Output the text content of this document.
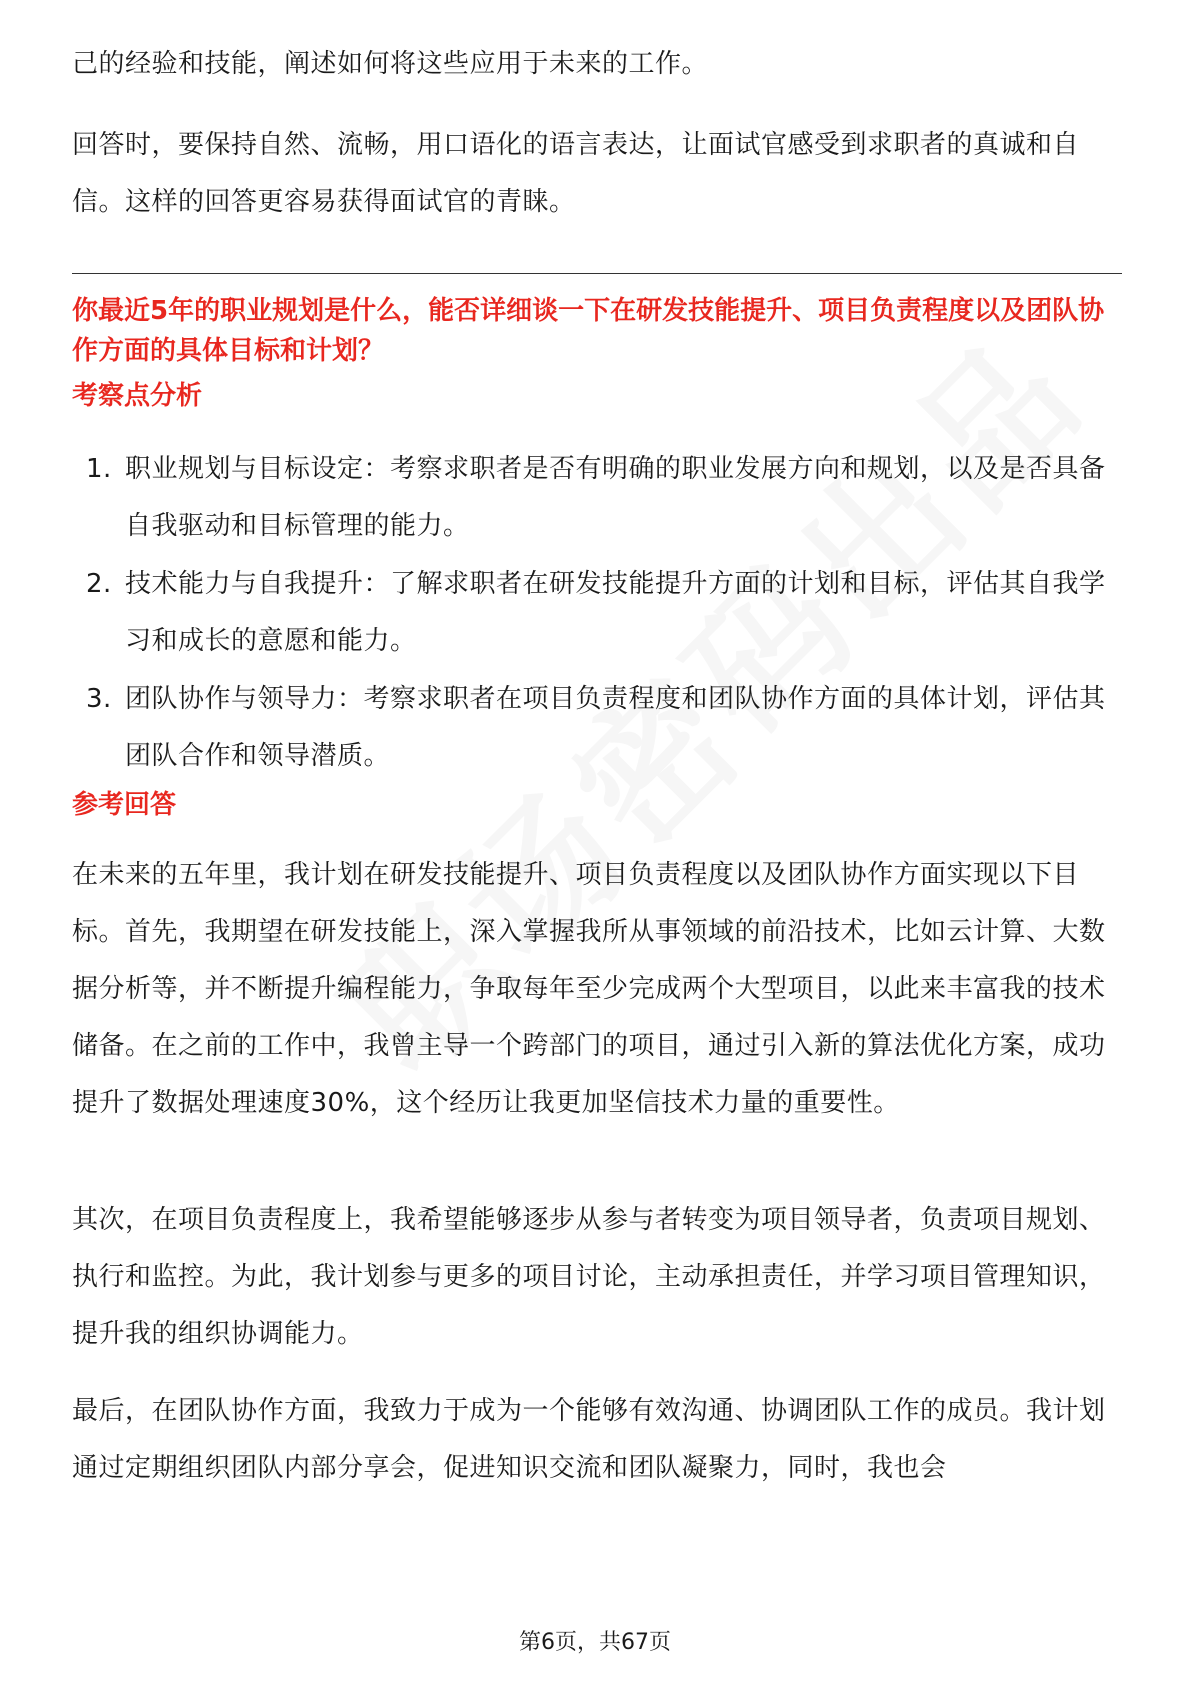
己的经验和技能，阐述如何将这些应用于未来的工作。

回答时，要保持自然、流畅，用口语化的语言表达，让面试官感受到求职者的真诚和自信。这样的回答更容易获得面试官的青睐。

你最近5年的职业规划是什么，能否详细谈一下在研发技能提升、项目负责程度以及团队协作方面的具体目标和计划？

考察点分析

1. 职业规划与目标设定：考察求职者是否有明确的职业发展方向和规划，以及是否具备自我驱动和目标管理的能力。
2. 技术能力与自我提升：了解求职者在研发技能提升方面的计划和目标，评估其自我学习和成长的意愿和能力。
3. 团队协作与领导力：考察求职者在项目负责程度和团队协作方面的具体计划，评估其团队合作和领导潜质。

参考回答

在未来的五年里，我计划在研发技能提升、项目负责程度以及团队协作方面实现以下目标。首先，我期望在研发技能上，深入掌握我所从事领域的前沿技术，比如云计算、大数据分析等，并不断提升编程能力，争取每年至少完成两个大型项目，以此来丰富我的技术储备。在之前的工作中，我曾主导一个跨部门的项目，通过引入新的算法优化方案，成功提升了数据处理速度30%，这个经历让我更加坚信技术力量的重要性。

其次，在项目负责程度上，我希望能够逐步从参与者转变为项目领导者，负责项目规划、执行和监控。为此，我计划参与更多的项目讨论，主动承担责任，并学习项目管理知识，提升我的组织协调能力。

最后，在团队协作方面，我致力于成为一个能够有效沟通、协调团队工作的成员。我计划通过定期组织团队内部分享会，促进知识交流和团队凝聚力，同时，我也会

第6页，共67页
